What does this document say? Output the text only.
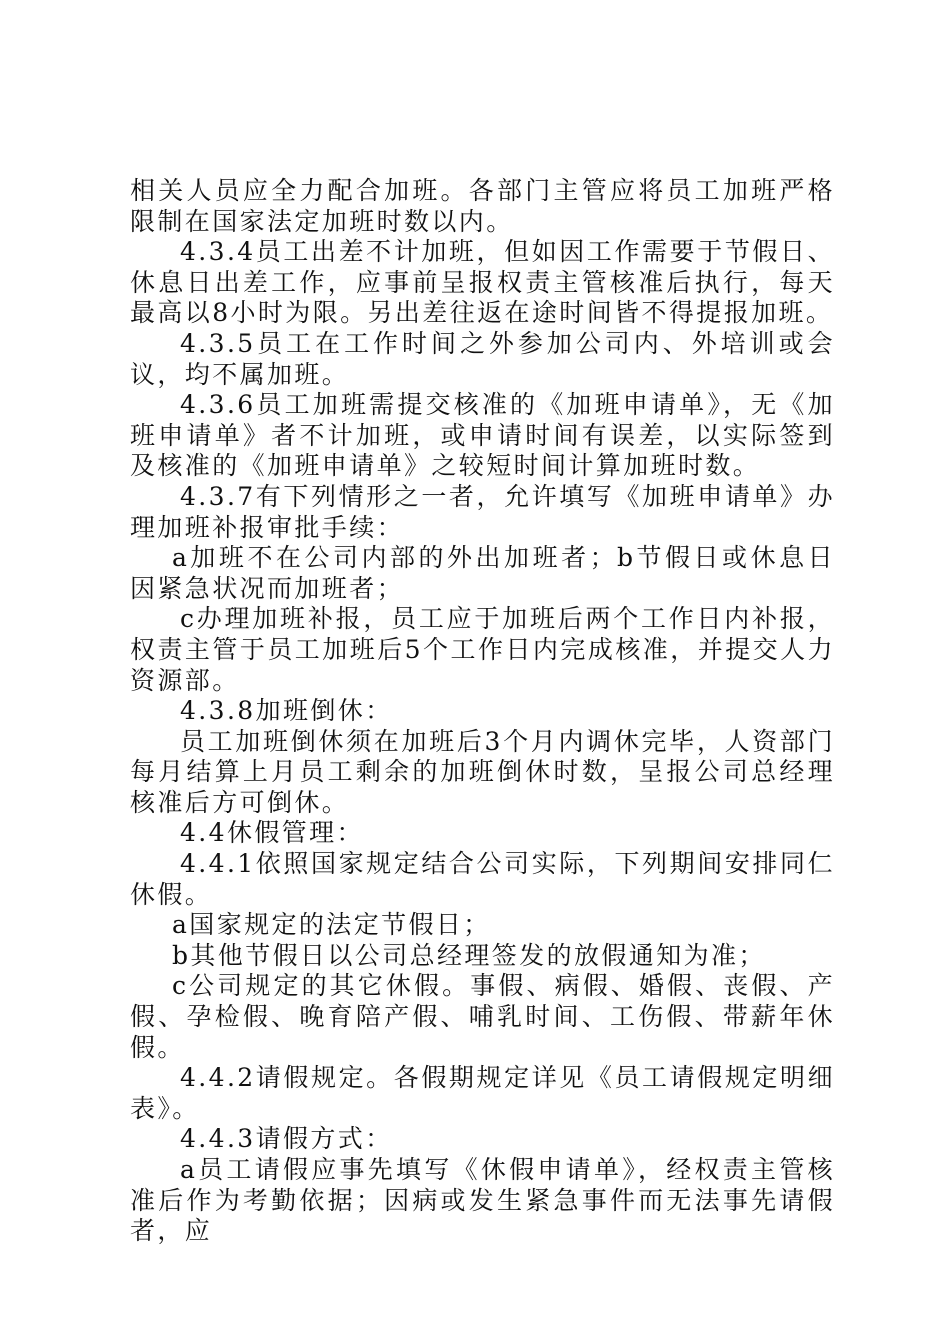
相关人员应全力配合加班。各部门主管应将员工加班严格限制在国家法定加班时数以内。

4.3.4员工出差不计加班，但如因工作需要于节假日、休息日出差工作，应事前呈报权责主管核准后执行，每天最高以8小时为限。另出差往返在途时间皆不得提报加班。

4.3.5员工在工作时间之外参加公司内、外培训或会议，均不属加班。

4.3.6员工加班需提交核准的《加班申请单》，无《加班申请单》者不计加班，或申请时间有误差，以实际签到及核准的《加班申请单》之较短时间计算加班时数。

4.3.7有下列情形之一者，允许填写《加班申请单》办理加班补报审批手续：

a加班不在公司内部的外出加班者；b节假日或休息日因紧急状况而加班者；

c办理加班补报，员工应于加班后两个工作日内补报，权责主管于员工加班后5个工作日内完成核准，并提交人力资源部。

4.3.8加班倒休：

员工加班倒休须在加班后3个月内调休完毕，人资部门每月结算上月员工剩余的加班倒休时数，呈报公司总经理核准后方可倒休。

4.4休假管理：

4.4.1依照国家规定结合公司实际，下列期间安排同仁休假。

a国家规定的法定节假日；

b其他节假日以公司总经理签发的放假通知为准；

c公司规定的其它休假。事假、病假、婚假、丧假、产假、孕检假、晚育陪产假、哺乳时间、工伤假、带薪年休假。

4.4.2请假规定。各假期规定详见《员工请假规定明细表》。

4.4.3请假方式：

a员工请假应事先填写《休假申请单》，经权责主管核准后作为考勤依据；因病或发生紧急事件而无法事先请假者，应
